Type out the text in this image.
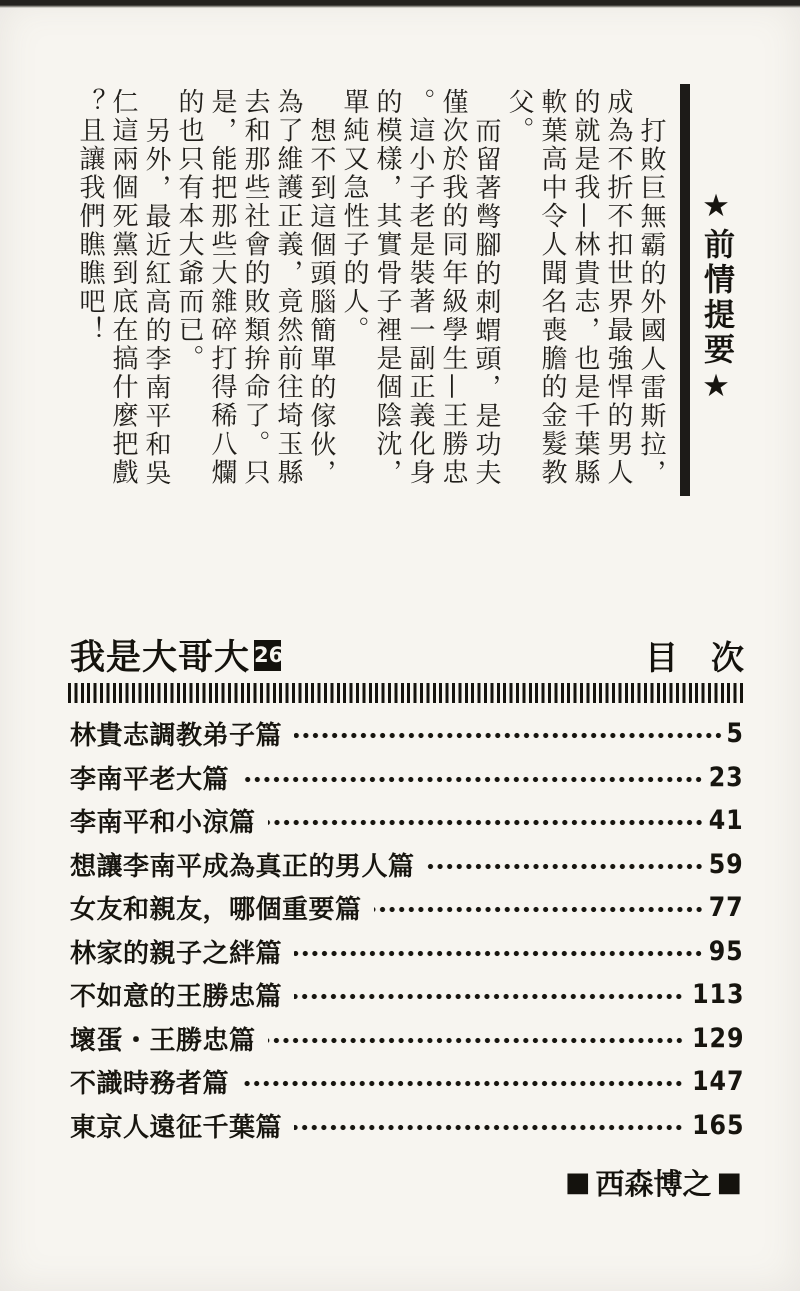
★前情提要★
打敗巨無霸的外國人雷斯拉，
成為不折不扣世界最強悍的男人
的就是我—林貴志，也是千葉縣
軟葉高中令人聞名喪膽的金髮教
父。
而留著彆腳的刺蝟頭，是功夫
僅次於我的同年級學生—王勝忠
。這小子老是裝著一副正義化身
的模樣，其實骨子裡是個陰沈，
單純又急性子的人。
想不到這個頭腦簡單的傢伙，
為了維護正義，竟然前往埼玉縣
去和那些社會的敗類拚命了。只
是，能把那些大雜碎打得稀八爛
的也只有本大爺而已。
另外，最近紅高的李南平和吳
仁這兩個死黨到底在搞什麼把戲
？且讓我們瞧瞧吧！
我是大哥大 26	目　次
林貴志調教弟子篇	5
李南平老大篇	23
李南平和小涼篇	41
想讓李南平成為真正的男人篇	59
女友和親友，哪個重要篇	77
林家的親子之絆篇	95
不如意的王勝忠篇	113
壞蛋・王勝忠篇	129
不識時務者篇	147
東京人遠征千葉篇	165
■ 西森博之 ■
